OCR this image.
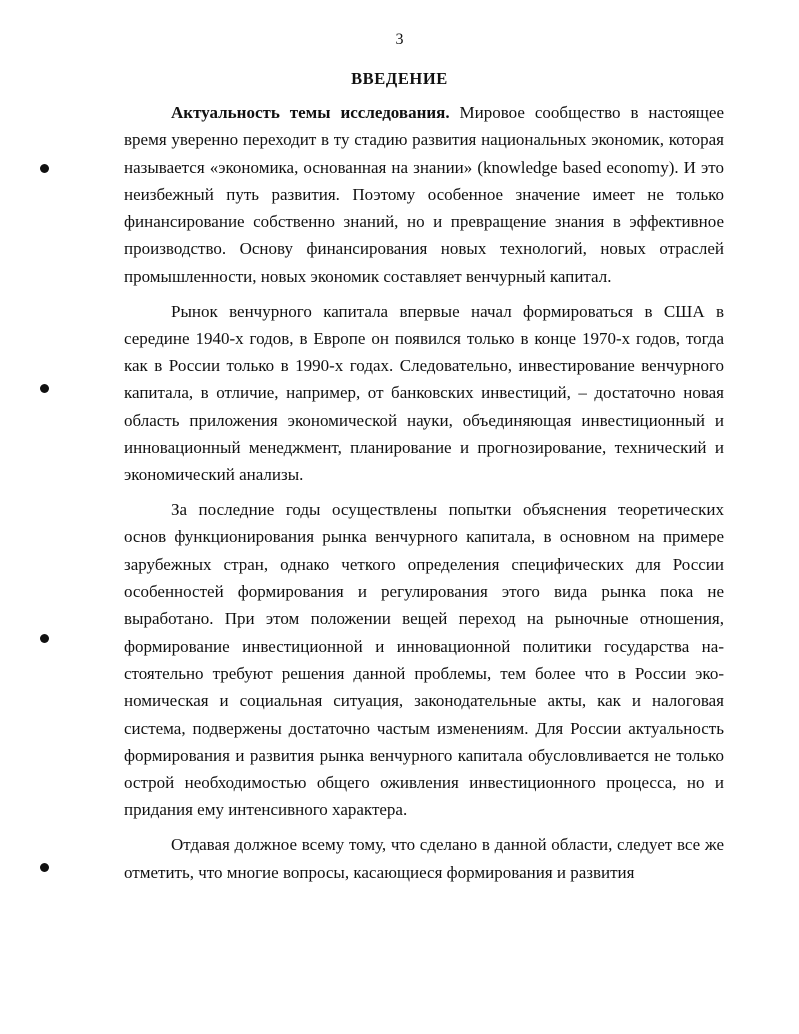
3
ВВЕДЕНИЕ

Актуальность темы исследования. Мировое сообщество в настоящее время уверенно переходит в ту стадию развития национальных экономик, которая называется «экономика, основанная на знании» (knowledge based economy). И это неизбежный путь развития. Поэтому особенное значение имеет не только финансирование собственно знаний, но и превращение знания в эффективное производство. Основу финансирования новых технологий, новых отраслей промышленности, новых экономик составляет венчурный капитал.

Рынок венчурного капитала впервые начал формироваться в США в середине 1940-х годов, в Европе он появился только в конце 1970-х годов, тогда как в России только в 1990-х годах. Следовательно, инвестирование венчурного капитала, в отличие, например, от банковских инвестиций, – достаточно новая область приложения экономической науки, объединяющая инвестиционный и инновационный менеджмент, планирование и прогнозирование, технический и экономический анализы.

За последние годы осуществлены попытки объяснения теоретических основ функционирования рынка венчурного капитала, в основном на примере зарубежных стран, однако четкого определения специфических для России особенностей формирования и регулирования этого вида рынка пока не выработано. При этом положении вещей переход на рыночные отношения, формирование инвестиционной и инновационной политики государства настоятельно требуют решения данной проблемы, тем более что в России экономическая и социальная ситуация, законодательные акты, как и налоговая система, подвержены достаточно частым изменениям. Для России актуальность формирования и развития рынка венчурного капитала обусловливается не только острой необходимостью общего оживления инвестиционного процесса, но и придания ему интенсивного характера.

Отдавая должное всему тому, что сделано в данной области, следует все же отметить, что многие вопросы, касающиеся формирования и развития
